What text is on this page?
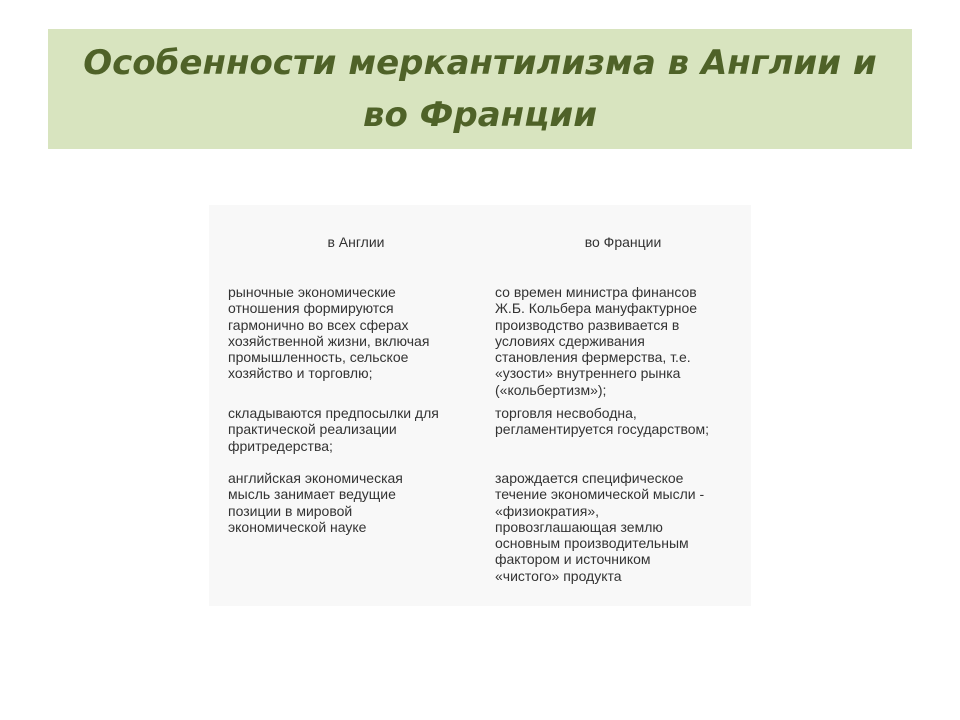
Особенности меркантилизма в Англии и
во Франции
в Англии

рыночные экономические
отношения формируются
гармонично во всех сферах
хозяйственной жизни, включая
промышленность, сельское
хозяйство и торговлю;

складываются предпосылки для
практической реализации
фритредерства;

английская экономическая
мысль занимает ведущие
позиции в мировой
экономической науке

во Франции

со времен министра финансов
Ж.Б. Кольбера мануфактурное
производство развивается в
условиях сдерживания
становления фермерства, т.е.
«узости» внутреннего рынка
(«кольбертизм»);

торговля несвободна,
регламентируется государством;

зарождается специфическое
течение экономической мысли -
«физиократия»,
провозглашающая землю
основным производительным
фактором и источником
«чистого» продукта
